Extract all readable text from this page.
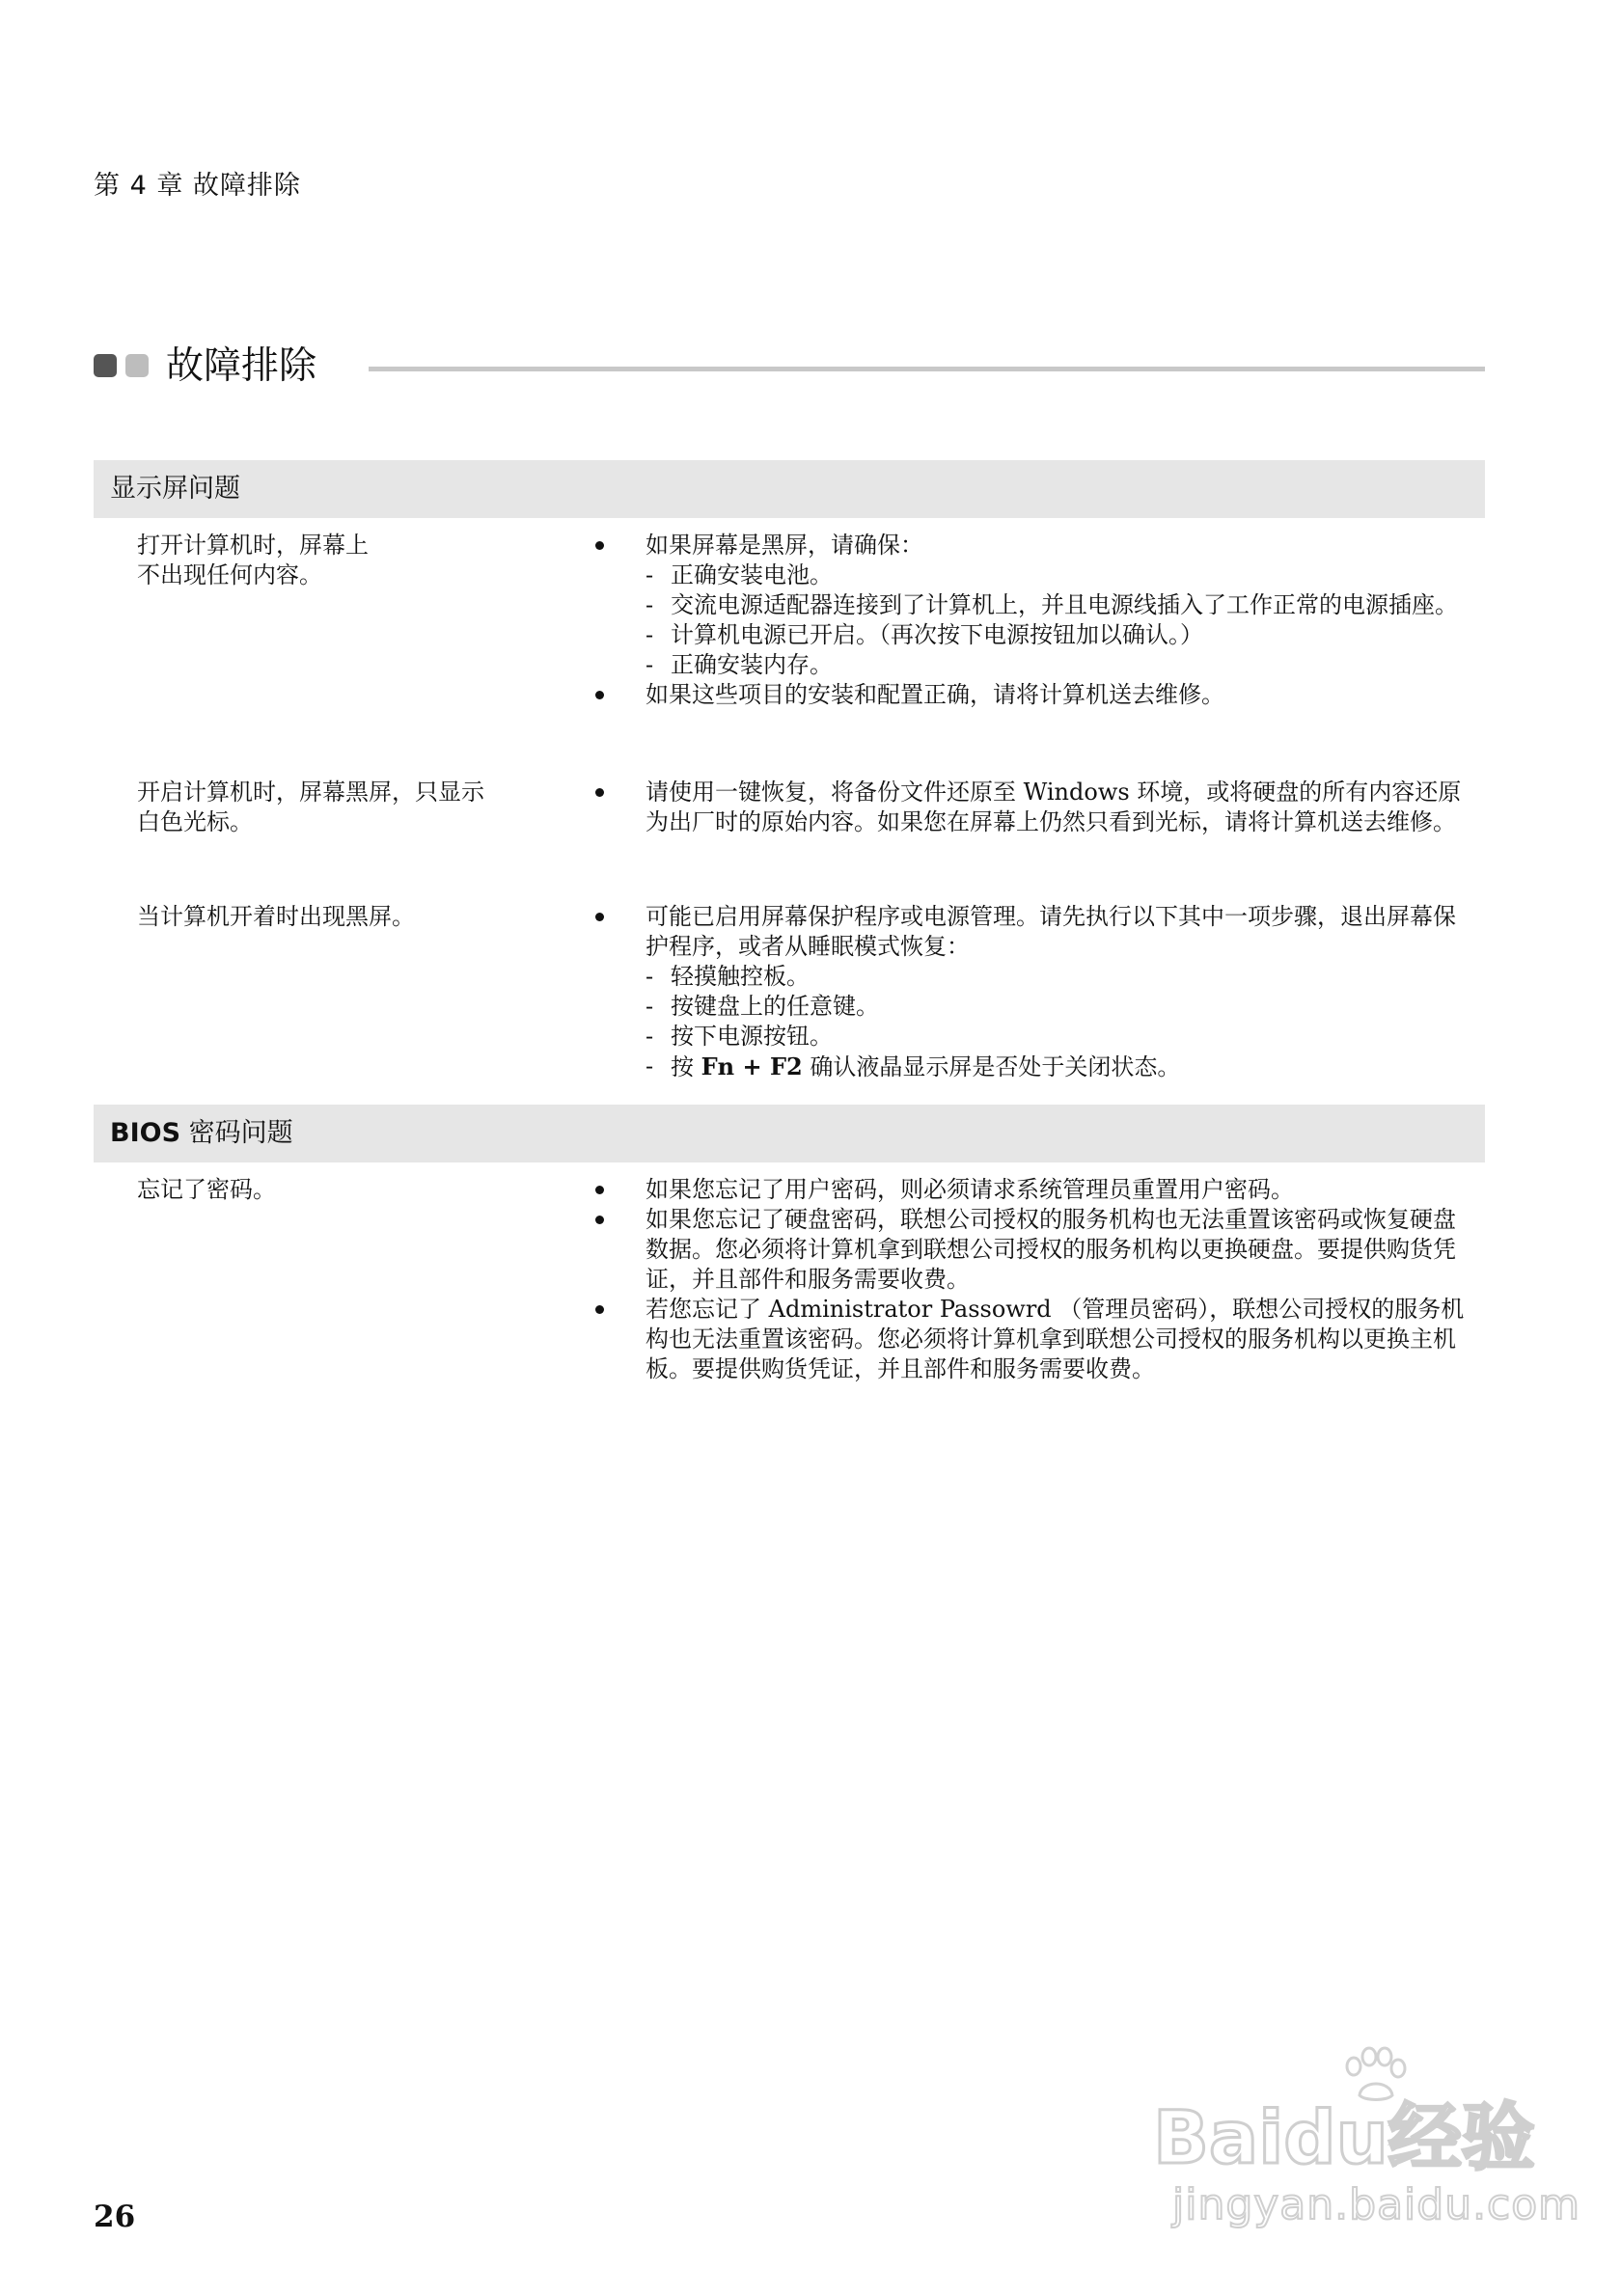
第 4 章 故障排除
故障排除
显示屏问题
打开计算机时，屏幕上
不出现任何内容。
如果屏幕是黑屏，请确保：
- 正确安装电池。
- 交流电源适配器连接到了计算机上，并且电源线插入了工作正常的电源插座。
- 计算机电源已开启。（再次按下电源按钮加以确认。）
- 正确安装内存。
如果这些项目的安装和配置正确，请将计算机送去维修。
开启计算机时，屏幕黑屏，只显示
白色光标。
请使用一键恢复，将备份文件还原至 Windows 环境，或将硬盘的所有内容还原为出厂时的原始内容。如果您在屏幕上仍然只看到光标，请将计算机送去维修。
当计算机开着时出现黑屏。	可能已启用屏幕保护程序或电源管理。请先执行以下其中一项步骤，退出屏幕保护程序，或者从睡眠模式恢复：
- 轻摸触控板。
- 按键盘上的任意键。
- 按下电源按钮。
- 按 Fn + F2 确认液晶显示屏是否处于关闭状态。
BIOS 密码问题
忘记了密码。	如果您忘记了用户密码，则必须请求系统管理员重置用户密码。
如果您忘记了硬盘密码，联想公司授权的服务机构也无法重置该密码或恢复硬盘数据。您必须将计算机拿到联想公司授权的服务机构以更换硬盘。要提供购货凭证，并且部件和服务需要收费。
若您忘记了 Administrator Passowrd （管理员密码），联想公司授权的服务机构也无法重置该密码。您必须将计算机拿到联想公司授权的服务机构以更换主机板。要提供购货凭证，并且部件和服务需要收费。
26
Baidu经验
jingyan.baidu.com
